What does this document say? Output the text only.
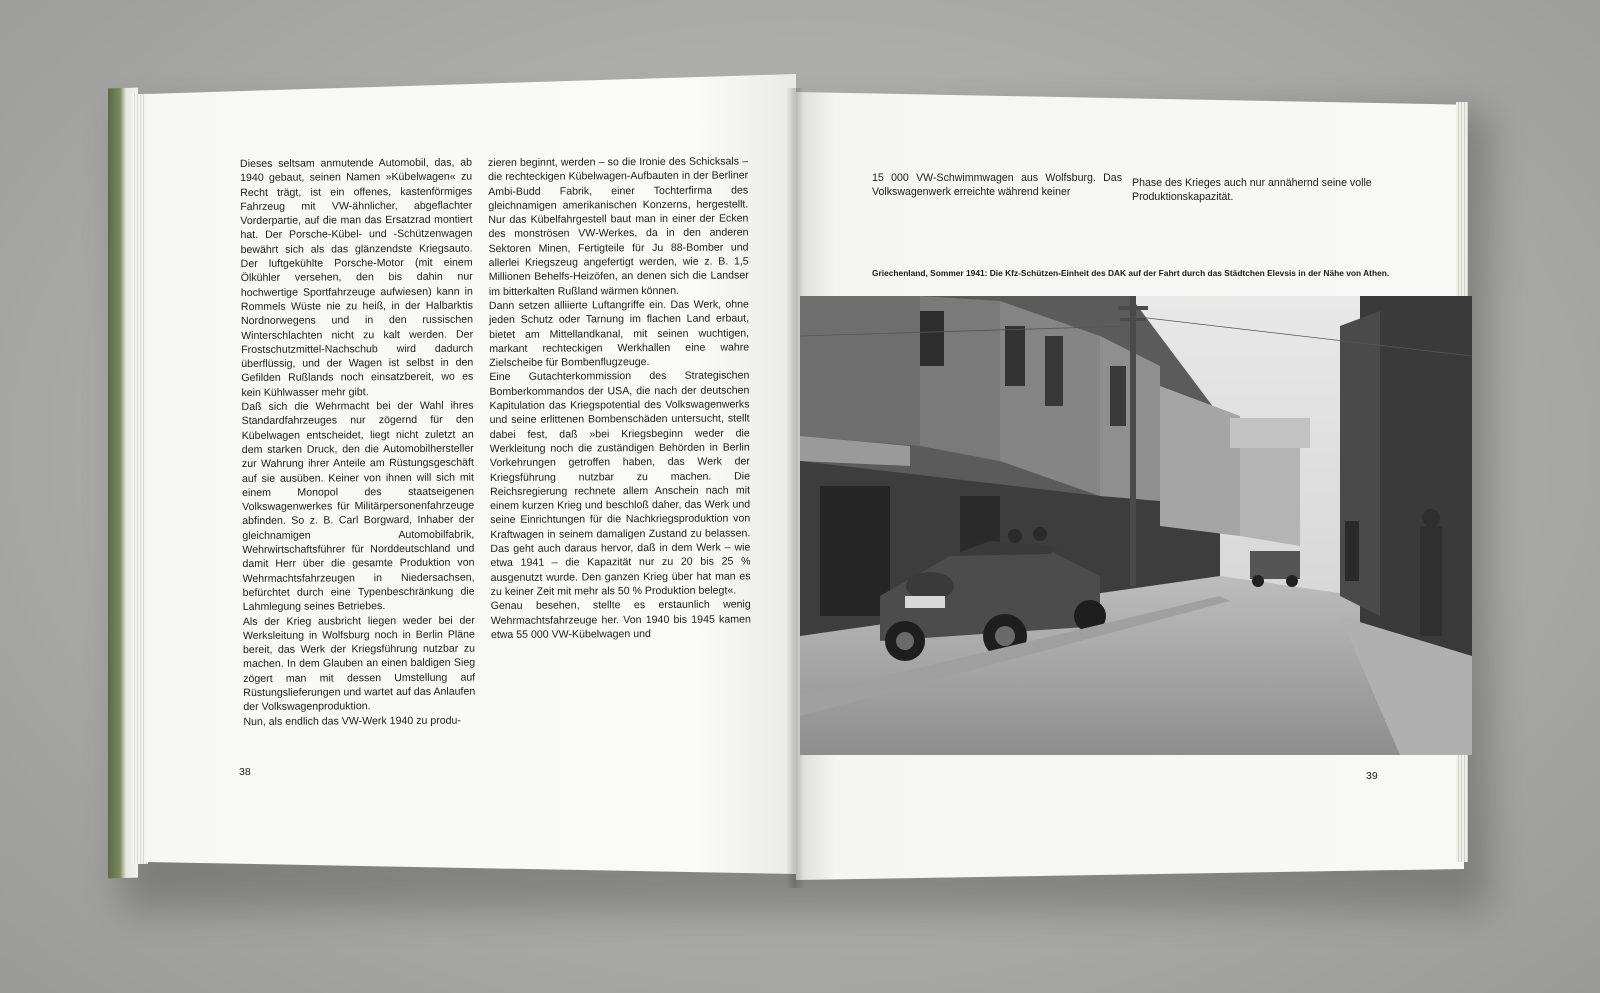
Dieses seltsam anmutende Automobil, das, ab 1940 gebaut, seinen Namen »Kübelwagen« zu Recht trägt, ist ein offenes, kastenförmiges Fahrzeug mit VW-ähnlicher, abgeflachter Vorderpartie, auf die man das Ersatzrad montiert hat. Der Porsche-Kübel- und -Schützenwagen bewährt sich als das glänzendste Kriegsauto. Der luftgekühlte Porsche-Motor (mit einem Ölkühler versehen, den bis dahin nur hochwertige Sportfahrzeuge aufwiesen) kann in Rommels Wüste nie zu heiß, in der Halbarktis Nordnorwegens und in den russischen Winterschlachten nicht zu kalt werden. Der Frostschutzmittel-Nachschub wird dadurch überflüssig, und der Wagen ist selbst in den Gefilden Rußlands noch einsatzbereit, wo es kein Kühlwasser mehr gibt.

Daß sich die Wehrmacht bei der Wahl ihres Standardfahrzeuges nur zögernd für den Kübelwagen entscheidet, liegt nicht zuletzt an dem starken Druck, den die Automobilhersteller zur Wahrung ihrer Anteile am Rüstungsgeschäft auf sie ausüben. Keiner von ihnen will sich mit einem Monopol des staatseigenen Volkswagenwerkes für Militärpersonenfahrzeuge abfinden. So z. B. Carl Borgward, Inhaber der gleichnamigen Automobilfabrik, Wehrwirtschaftsführer für Norddeutschland und damit Herr über die gesamte Produktion von Wehrmachtsfahrzeugen in Niedersachsen, befürchtet durch eine Typenbeschränkung die Lahmlegung seines Betriebes.

Als der Krieg ausbricht liegen weder bei der Werksleitung in Wolfsburg noch in Berlin Pläne bereit, das Werk der Kriegsführung nutzbar zu machen. In dem Glauben an einen baldigen Sieg zögert man mit dessen Umstellung auf Rüstungslieferungen und wartet auf das Anlaufen der Volkswagenproduktion.

Nun, als endlich das VW-Werk 1940 zu produ-

zieren beginnt, werden – so die Ironie des Schicksals – die rechteckigen Kübelwagen-Aufbauten in der Berliner Ambi-Budd Fabrik, einer Tochterfirma des gleichnamigen amerikanischen Konzerns, hergestellt. Nur das Kübelfahrgestell baut man in einer der Ecken des monströsen VW-Werkes, da in den anderen Sektoren Minen, Fertigteile für Ju 88-Bomber und allerlei Kriegszeug angefertigt werden, wie z. B. 1,5 Millionen Behelfs-Heizöfen, an denen sich die Landser im bitterkalten Rußland wärmen können.

Dann setzen alliierte Luftangriffe ein. Das Werk, ohne jeden Schutz oder Tarnung im flachen Land erbaut, bietet am Mittellandkanal, mit seinen wuchtigen, markant rechteckigen Werkhallen eine wahre Zielscheibe für Bombenflugzeuge.

Eine Gutachterkommission des Strategischen Bomberkommandos der USA, die nach der deutschen Kapitulation das Kriegspotential des Volkswagenwerks und seine erlittenen Bombenschäden untersucht, stellt dabei fest, daß »bei Kriegsbeginn weder die Werkleitung noch die zuständigen Behörden in Berlin Vorkehrungen getroffen haben, das Werk der Kriegsführung nutzbar zu machen. Die Reichsregierung rechnete allem Anschein nach mit einem kurzen Krieg und beschloß daher, das Werk und seine Einrichtungen für die Nachkriegsproduktion von Kraftwagen in seinem damaligen Zustand zu belassen. Das geht auch daraus hervor, daß in dem Werk – wie etwa 1941 – die Kapazität nur zu 20 bis 25 % ausgenutzt wurde. Den ganzen Krieg über hat man es zu keiner Zeit mit mehr als 50 % Produktion belegt«.

Genau besehen, stellte es erstaunlich wenig Wehrmachtsfahrzeuge her. Von 1940 bis 1945 kamen etwa 55 000 VW-Kübelwagen und

38

15 000 VW-Schwimmwagen aus Wolfsburg. Das Volkswagenwerk erreichte während keiner

Phase des Krieges auch nur annähernd seine volle Produktionskapazität.

Griechenland, Sommer 1941: Die Kfz-Schützen-Einheit des DAK auf der Fahrt durch das Städtchen Elevsis in der Nähe von Athen.
39
